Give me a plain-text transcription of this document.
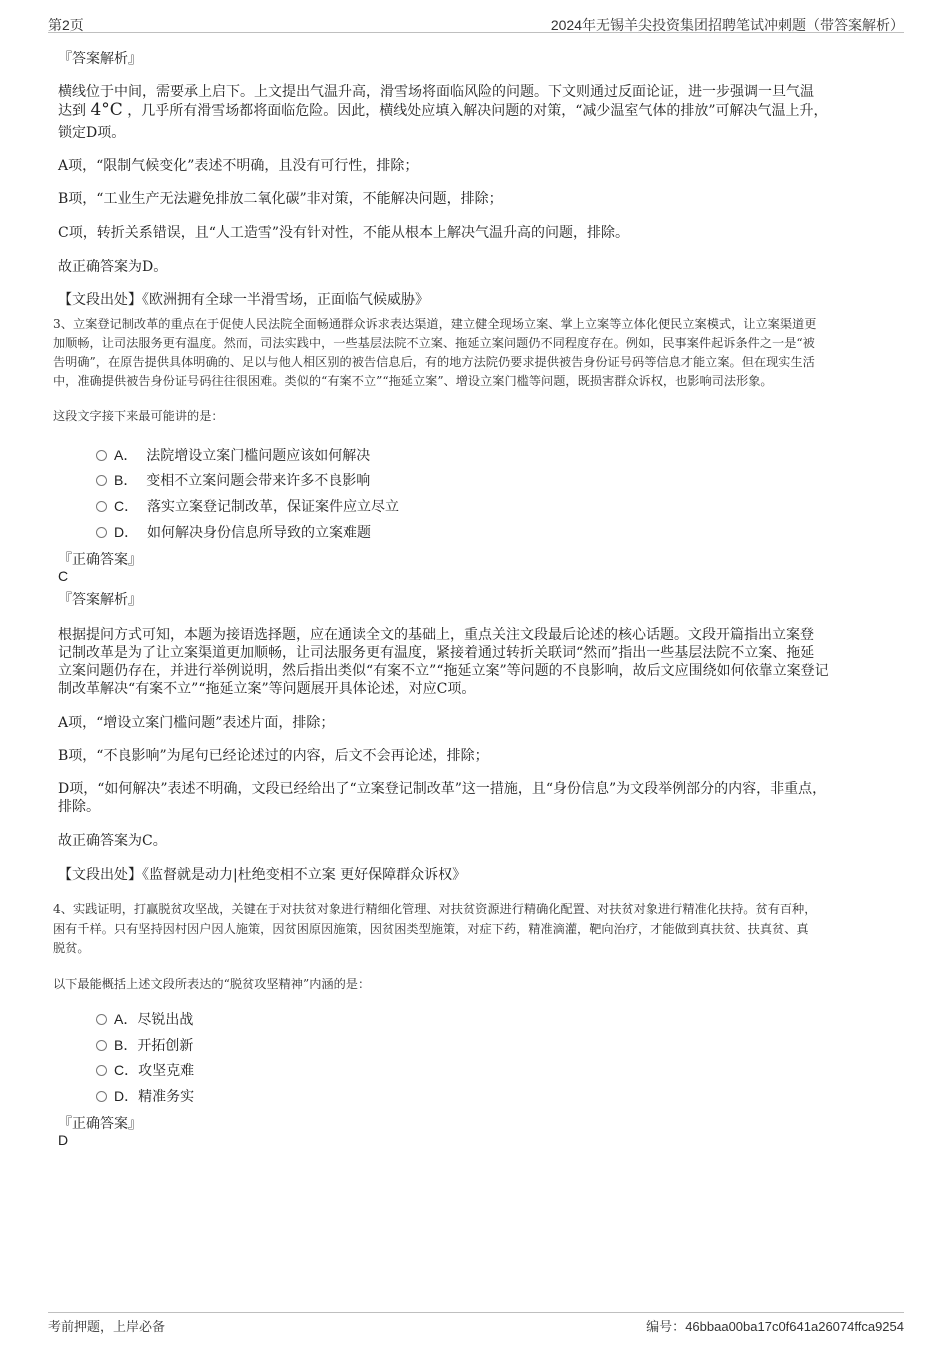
第2页	2024年无锡羊尖投资集团招聘笔试冲刺题（带答案解析）
『答案解析』
横线位于中间，需要承上启下。上文提出气温升高，滑雪场将面临风险的问题。下文则通过反面论证，进一步强调一旦气温
达到 4°C ，几乎所有滑雪场都将面临危险。因此，横线处应填入解决问题的对策，“减少温室气体的排放”可解决气温上升，
锁定D项。
A项，“限制气候变化”表述不明确，且没有可行性，排除；
B项，“工业生产无法避免排放二氧化碳”非对策，不能解决问题，排除；
C项，转折关系错误，且“人工造雪”没有针对性，不能从根本上解决气温升高的问题，排除。
故正确答案为D。
【文段出处】《欧洲拥有全球一半滑雪场，正面临气候威胁》
3、立案登记制改革的重点在于促使人民法院全面畅通群众诉求表达渠道，建立健全现场立案、掌上立案等立体化便民立案模式，让立案渠道更
加顺畅，让司法服务更有温度。然而，司法实践中，一些基层法院不立案、拖延立案问题仍不同程度存在。例如，民事案件起诉条件之一是“被
告明确”，在原告提供具体明确的、足以与他人相区别的被告信息后，有的地方法院仍要求提供被告身份证号码等信息才能立案。但在现实生活
中，准确提供被告身份证号码往往很困难。类似的“有案不立”“拖延立案”、增设立案门槛等问题，既损害群众诉权，也影响司法形象。
这段文字接下来最可能讲的是：
A． 法院增设立案门槛问题应该如何解决
B． 变相不立案问题会带来许多不良影响
C． 落实立案登记制改革，保证案件应立尽立
D． 如何解决身份信息所导致的立案难题
『正确答案』
C
『答案解析』
根据提问方式可知，本题为接语选择题，应在通读全文的基础上，重点关注文段最后论述的核心话题。文段开篇指出立案登
记制改革是为了让立案渠道更加顺畅，让司法服务更有温度，紧接着通过转折关联词“然而”指出一些基层法院不立案、拖延
立案问题仍存在，并进行举例说明，然后指出类似“有案不立”“拖延立案”等问题的不良影响，故后文应围绕如何依靠立案登记
制改革解决“有案不立”“拖延立案”等问题展开具体论述，对应C项。
A项，“增设立案门槛问题”表述片面，排除；
B项，“不良影响”为尾句已经论述过的内容，后文不会再论述，排除；
D项，“如何解决”表述不明确，文段已经给出了“立案登记制改革”这一措施，且“身份信息”为文段举例部分的内容，非重点，
排除。
故正确答案为C。
【文段出处】《监督就是动力|杜绝变相不立案 更好保障群众诉权》
4、实践证明，打赢脱贫攻坚战，关键在于对扶贫对象进行精细化管理、对扶贫资源进行精确化配置、对扶贫对象进行精准化扶持。贫有百种，
困有千样。只有坚持因村因户因人施策，因贫困原因施策，因贫困类型施策，对症下药，精准滴灌，靶向治疗，才能做到真扶贫、扶真贫、真
脱贫。
以下最能概括上述文段所表达的“脱贫攻坚精神”内涵的是：
A．尽锐出战
B．开拓创新
C．攻坚克难
D．精准务实
『正确答案』
D
考前押题，上岸必备	编号：46bbaa00ba17c0f641a26074ffca9254
